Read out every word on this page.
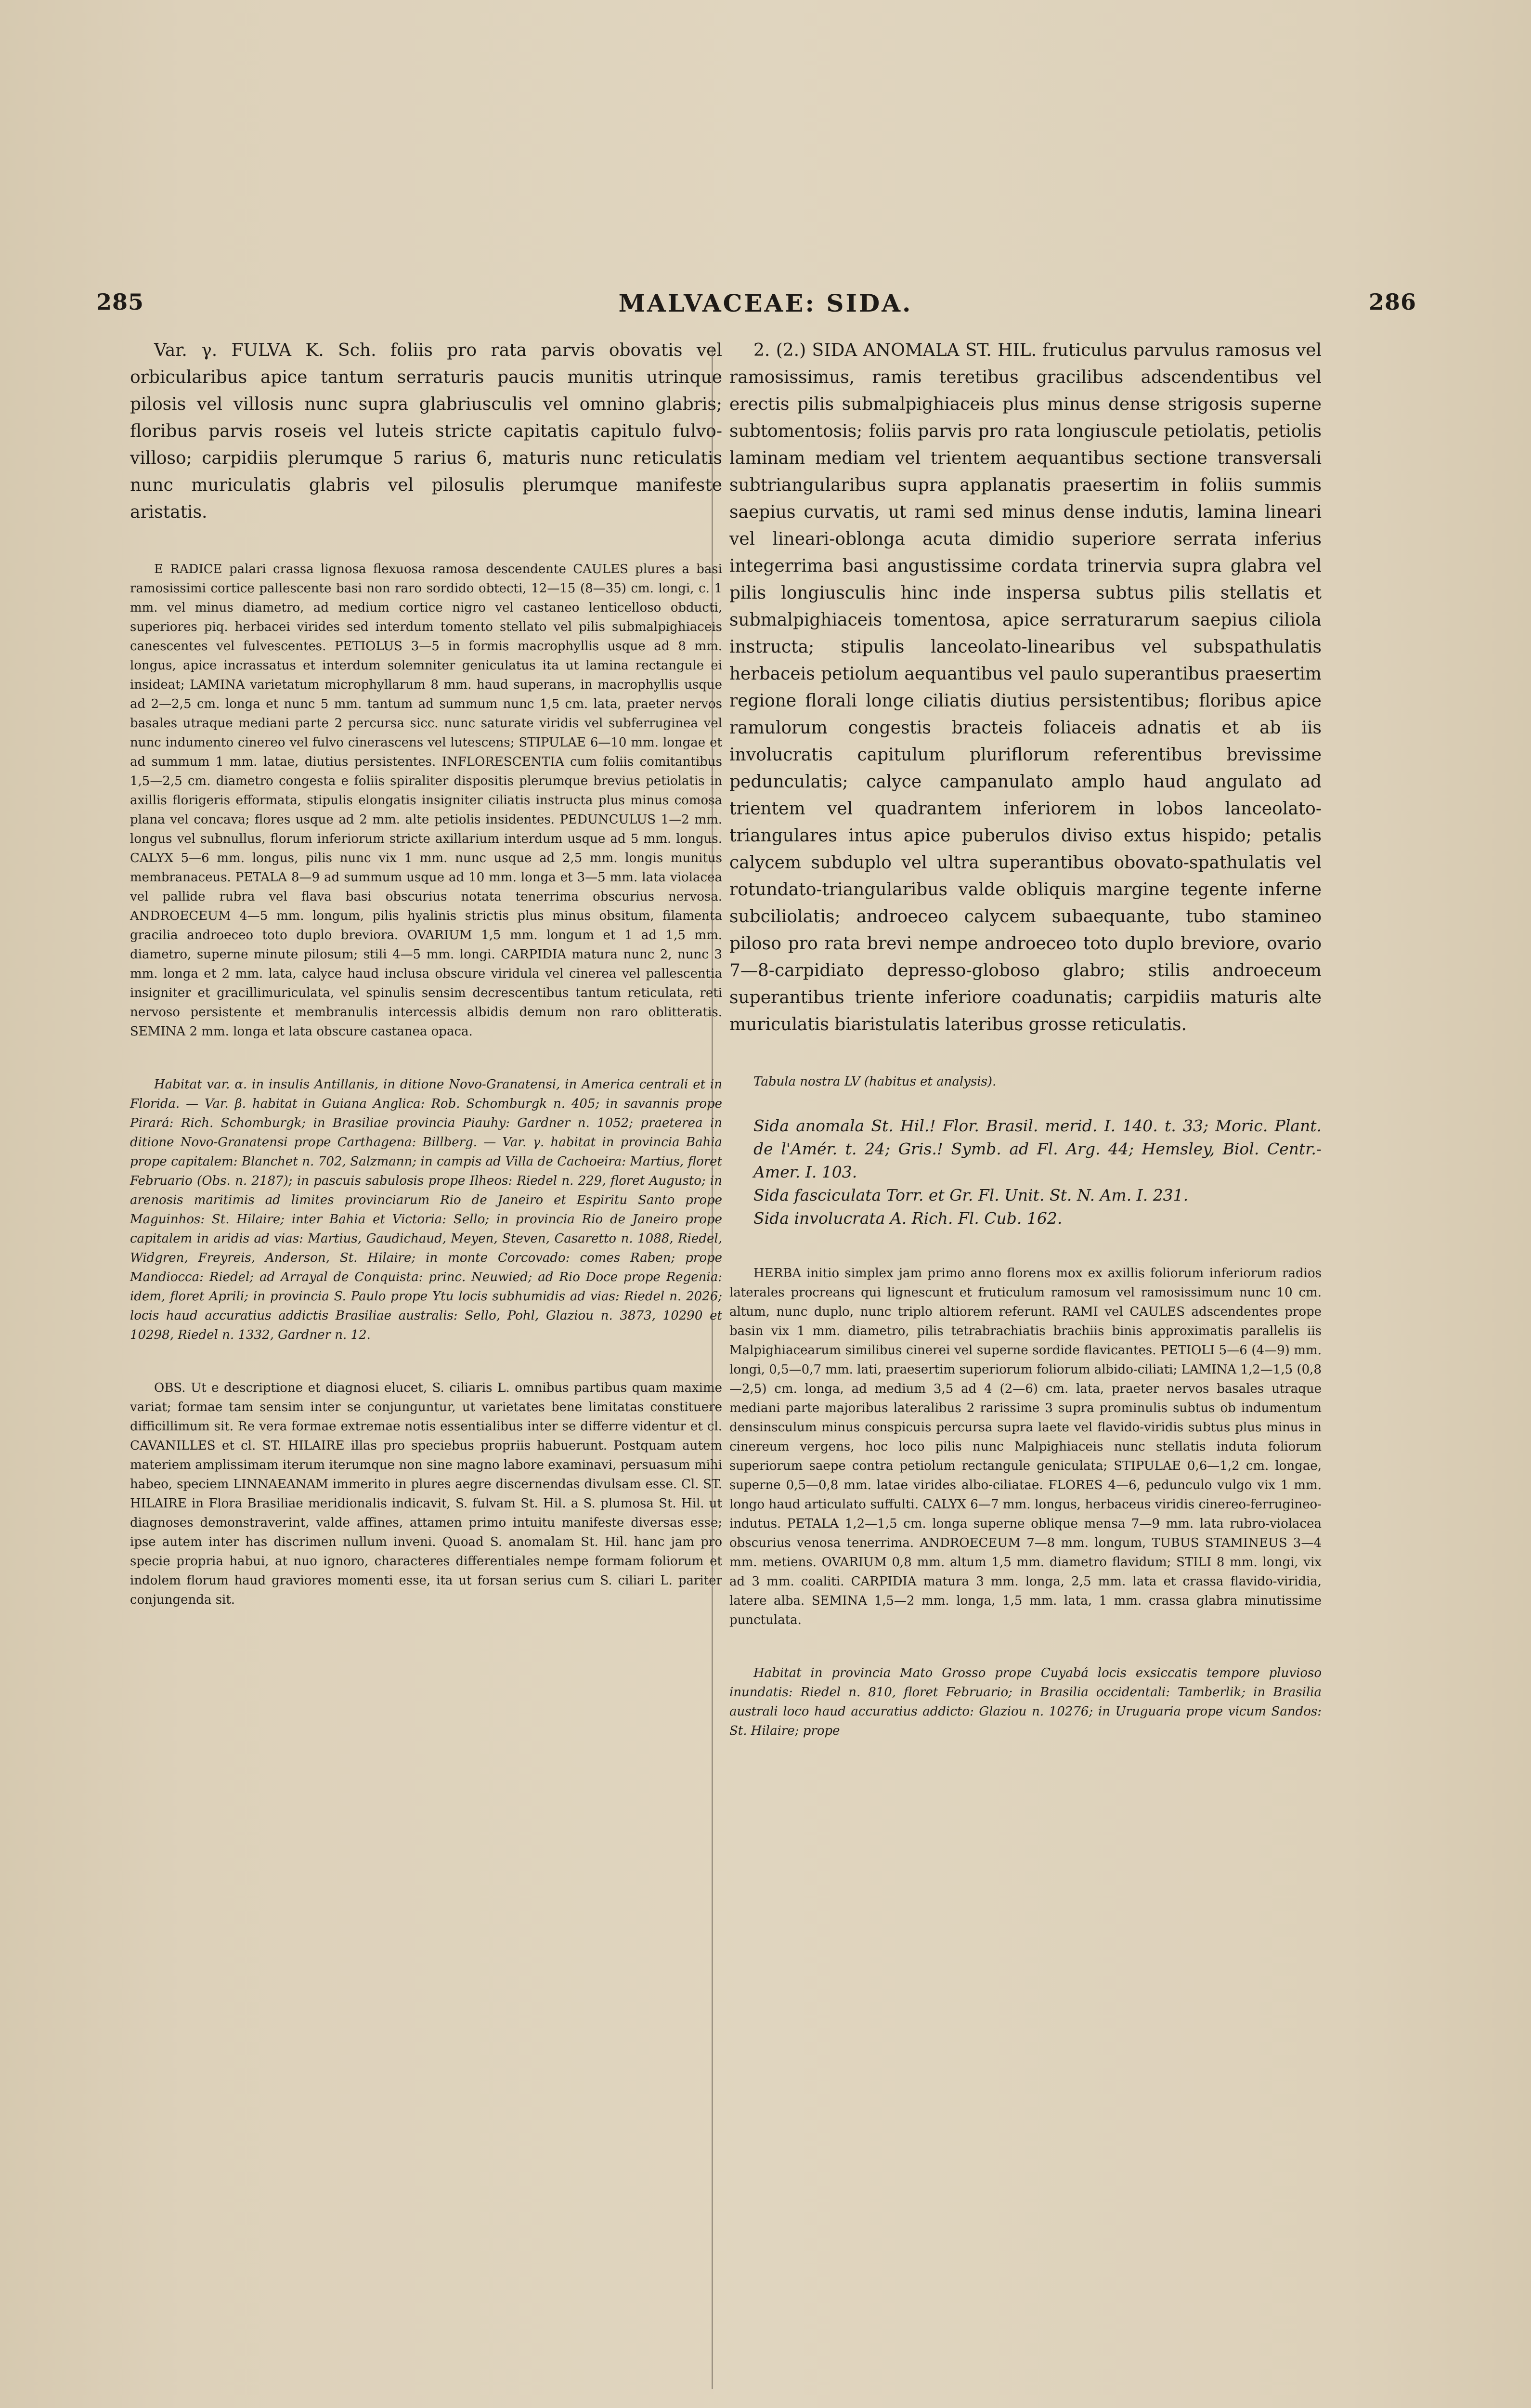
285	MALVACEAE: SIDA.	286

Var. γ. FULVA K. Sch. foliis pro rata parvis obovatis vel orbicularibus apice tantum serraturis paucis munitis utrinque pilosis vel villosis nunc supra glabriusculis vel omnino glabris; floribus parvis roseis vel luteis stricte capitatis capitulo fulvo-villoso; carpidiis plerumque 5 rarius 6, maturis nunc reticulatis nunc muriculatis glabris vel pilosulis plerumque manifeste aristatis.

E RADICE palari crassa lignosa flexuosa ramosa descendente CAULES plures a basi ramosissimi cortice pallescente basi non raro sordido obtecti, 12—15 (8—35) cm. longi, c. 1 mm. vel minus diametro, ad medium cortice nigro vel castaneo lenticelloso obducti, superiores piq. herbacei virides sed interdum tomento stellato vel pilis submalpighiaceis canescentes vel fulvescentes. PETIOLUS 3—5 in formis macrophyllis usque ad 8 mm. longus, apice incrassatus et interdum solemniter geniculatus ita ut lamina rectangule ei insideat; LAMINA varietatum microphyllarum 8 mm. haud superans, in macrophyllis usque ad 2—2,5 cm. longa et nunc 5 mm. tantum ad summum nunc 1,5 cm. lata, praeter nervos basales utraque mediani parte 2 percursa sicc. nunc saturate viridis vel subferruginea vel nunc indumento cinereo vel fulvo cinerascens vel lutescens; STIPULAE 6—10 mm. longae et ad summum 1 mm. latae, diutius persistentes. INFLORESCENTIA cum foliis comitantibus 1,5—2,5 cm. diametro congesta e foliis spiraliter dispositis plerumque brevius petiolatis in axillis florigeris efformata, stipulis elongatis insigniter ciliatis instructa plus minus comosa plana vel concava; flores usque ad 2 mm. alte petiolis insidentes. PEDUNCULUS 1—2 mm. longus vel subnullus, florum inferiorum stricte axillarium interdum usque ad 5 mm. longus. CALYX 5—6 mm. longus, pilis nunc vix 1 mm. nunc usque ad 2,5 mm. longis munitus membranaceus. PETALA 8—9 ad summum usque ad 10 mm. longa et 3—5 mm. lata violacea vel pallide rubra vel flava basi obscurius notata tenerrima obscurius nervosa. ANDROECEUM 4—5 mm. longum, pilis hyalinis strictis plus minus obsitum, filamenta gracilia androeceo toto duplo breviora. OVARIUM 1,5 mm. longum et 1 ad 1,5 mm. diametro, superne minute pilosum; stili 4—5 mm. longi. CARPIDIA matura nunc 2, nunc 3 mm. longa et 2 mm. lata, calyce haud inclusa obscure viridula vel cinerea vel pallescentia insigniter et gracillimuriculata, vel spinulis sensim decrescentibus tantum reticulata, reti nervoso persistente et membranulis intercessis albidis demum non raro oblitteratis. SEMINA 2 mm. longa et lata obscure castanea opaca.

Habitat var. α. in insulis Antillanis, in ditione Novo-Granatensi, in America centrali et in Florida. — Var. β. habitat in Guiana Anglica: Rob. Schomburgk n. 405; in savannis prope Pirará: Rich. Schomburgk; in Brasiliae provincia Piauhy: Gardner n. 1052; praeterea in ditione Novo-Granatensi prope Carthagena: Billberg. — Var. γ. habitat in provincia Bahia prope capitalem: Blanchet n. 702, Salzmann; in campis ad Villa de Cachoeira: Martius, floret Februario (Obs. n. 2187); in pascuis sabulosis prope Ilheos: Riedel n. 229, floret Augusto; in arenosis maritimis ad limites provinciarum Rio de Janeiro et Espiritu Santo prope Maguinhos: St. Hilaire; inter Bahia et Victoria: Sello; in provincia Rio de Janeiro prope capitalem in aridis ad vias: Martius, Gaudichaud, Meyen, Steven, Casaretto n. 1088, Riedel, Widgren, Freyreis, Anderson, St. Hilaire; in monte Corcovado: comes Raben; prope Mandiocca: Riedel; ad Arrayal de Conquista: princ. Neuwied; ad Rio Doce prope Regenia: idem, floret Aprili; in provincia S. Paulo prope Ytu locis subhumidis ad vias: Riedel n. 2026; locis haud accuratius addictis Brasiliae australis: Sello, Pohl, Glaziou n. 3873, 10290 et 10298, Riedel n. 1332, Gardner n. 12.

OBS. Ut e descriptione et diagnosi elucet, S. ciliaris L. omnibus partibus quam maxime variat; formae tam sensim inter se conjunguntur, ut varietates bene limitatas constituere difficillimum sit. Re vera formae extremae notis essentialibus inter se differre videntur et cl. CAVANILLES et cl. ST. HILAIRE illas pro speciebus propriis habuerunt. Postquam autem materiem amplissimam iterum iterumque non sine magno labore examinavi, persuasum mihi habeo, speciem LINNAEANAM immerito in plures aegre discernendas divulsam esse. Cl. ST. HILAIRE in Flora Brasiliae meridionalis indicavit, S. fulvam St. Hil. a S. plumosa St. Hil. ut diagnoses demonstraverint, valde affines, attamen primo intuitu manifeste diversas esse; ipse autem inter has discrimen nullum inveni. Quoad S. anomalam St. Hil. hanc jam pro specie propria habui, at nuo ignoro, characteres differentiales nempe formam foliorum et indolem florum haud graviores momenti esse, ita ut forsan serius cum S. ciliari L. pariter conjungenda sit.

2. (2.) SIDA ANOMALA ST. HIL. fruticulus parvulus ramosus vel ramosissimus, ramis teretibus gracilibus adscendentibus vel erectis pilis submalpighiaceis plus minus dense strigosis superne subtomentosis; foliis parvis pro rata longiuscule petiolatis, petiolis laminam mediam vel trientem aequantibus sectione transversali subtriangularibus supra applanatis praesertim in foliis summis saepius curvatis, ut rami sed minus dense indutis, lamina lineari vel lineari-oblonga acuta dimidio superiore serrata inferius integerrima basi angustissime cordata trinervia supra glabra vel pilis longiusculis hinc inde inspersa subtus pilis stellatis et submalpighiaceis tomentosa, apice serraturarum saepius ciliola instructa; stipulis lanceolato-linearibus vel subspathulatis herbaceis petiolum aequantibus vel paulo superantibus praesertim regione florali longe ciliatis diutius persistentibus; floribus apice ramulorum congestis bracteis foliaceis adnatis et ab iis involucratis capitulum pluriflorum referentibus brevissime pedunculatis; calyce campanulato amplo haud angulato ad trientem vel quadrantem inferiorem in lobos lanceolato-triangulares intus apice puberulos diviso extus hispido; petalis calycem subduplo vel ultra superantibus obovato-spathulatis vel rotundato-triangularibus valde obliquis margine tegente inferne subciliolatis; androeceo calycem subaequante, tubo stamineo piloso pro rata brevi nempe androeceo toto duplo breviore, ovario 7—8-carpidiato depresso-globoso glabro; stilis androeceum superantibus triente inferiore coadunatis; carpidiis maturis alte muriculatis biaristulatis lateribus grosse reticulatis.

Tabula nostra LV (habitus et analysis).

Sida anomala St. Hil.! Flor. Brasil. merid. I. 140. t. 33; Moric. Plant. de l'Amér. t. 24; Gris.! Symb. ad Fl. Arg. 44; Hemsley, Biol. Centr.-Amer. I. 103.

Sida fasciculata Torr. et Gr. Fl. Unit. St. N. Am. I. 231.

Sida involucrata A. Rich. Fl. Cub. 162.

HERBA initio simplex jam primo anno florens mox ex axillis foliorum inferiorum radios laterales procreans qui lignescunt et fruticulum ramosum vel ramosissimum nunc 10 cm. altum, nunc duplo, nunc triplo altiorem referunt. RAMI vel CAULES adscendentes prope basin vix 1 mm. diametro, pilis tetrabrachiatis brachiis binis approximatis parallelis iis Malpighiacearum similibus cinerei vel superne sordide flavicantes. PETIOLI 5—6 (4—9) mm. longi, 0,5—0,7 mm. lati, praesertim superiorum foliorum albido-ciliati; LAMINA 1,2—1,5 (0,8—2,5) cm. longa, ad medium 3,5 ad 4 (2—6) cm. lata, praeter nervos basales utraque mediani parte majoribus lateralibus 2 rarissime 3 supra prominulis subtus ob indumentum densinsculum minus conspicuis percursa supra laete vel flavido-viridis subtus plus minus in cinereum vergens, hoc loco pilis nunc Malpighiaceis nunc stellatis induta foliorum superiorum saepe contra petiolum rectangule geniculata; STIPULAE 0,6—1,2 cm. longae, superne 0,5—0,8 mm. latae virides albo-ciliatae. FLORES 4—6, pedunculo vulgo vix 1 mm. longo haud articulato suffulti. CALYX 6—7 mm. longus, herbaceus viridis cinereo-ferrugineo-indutus. PETALA 1,2—1,5 cm. longa superne oblique mensa 7—9 mm. lata rubro-violacea obscurius venosa tenerrima. ANDROECEUM 7—8 mm. longum, TUBUS STAMINEUS 3—4 mm. metiens. OVARIUM 0,8 mm. altum 1,5 mm. diametro flavidum; STILI 8 mm. longi, vix ad 3 mm. coaliti. CARPIDIA matura 3 mm. longa, 2,5 mm. lata et crassa flavido-viridia, latere alba. SEMINA 1,5—2 mm. longa, 1,5 mm. lata, 1 mm. crassa glabra minutissime punctulata.

Habitat in provincia Mato Grosso prope Cuyabá locis exsiccatis tempore pluvioso inundatis: Riedel n. 810, floret Februario; in Brasilia occidentali: Tamberlik; in Brasilia australi loco haud accuratius addicto: Glaziou n. 10276; in Uruguaria prope vicum Sandos: St. Hilaire; prope
